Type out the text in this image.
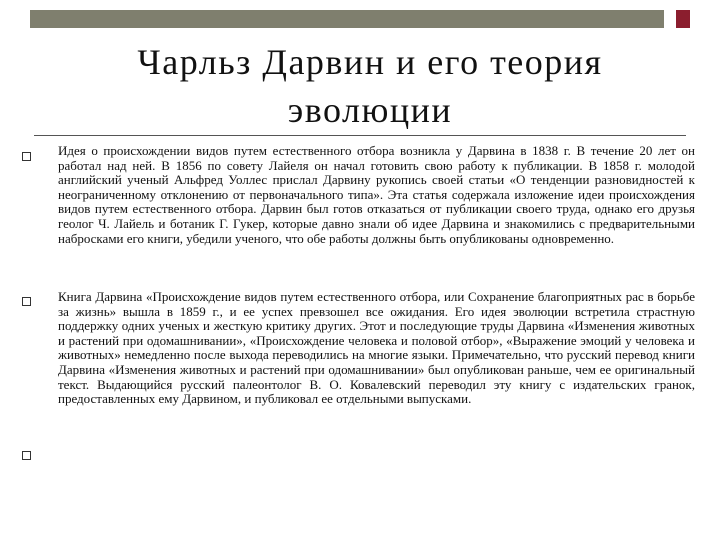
Чарльз Дарвин и его теория эволюции
Идея о происхождении видов путем естественного отбора возникла у Дарвина в 1838 г. В течение 20 лет он работал над ней. В 1856 по совету Лайеля он начал готовить свою работу к публикации. В 1858 г. молодой английский ученый Альфред Уоллес прислал Дарвину рукопись своей статьи «О тенденции разновидностей к неограниченному отклонению от первоначального типа». Эта статья содержала изложение идеи происхождения видов путем естественного отбора. Дарвин был готов отказаться от публикации своего труда, однако его друзья геолог Ч. Лайель и ботаник Г. Гукер, которые давно знали об идее Дарвина и знакомились с предварительными набросками его книги, убедили ученого, что обе работы должны быть опубликованы одновременно.
Книга Дарвина «Происхождение видов путем естественного отбора, или Сохранение благоприятных рас в борьбе за жизнь» вышла в 1859 г., и ее успех превзошел все ожидания. Его идея эволюции встретила страстную поддержку одних ученых и жесткую критику других. Этот и последующие труды Дарвина «Изменения животных и растений при одомашнивании», «Происхождение человека и половой отбор», «Выражение эмоций у человека и животных» немедленно после выхода переводились на многие языки. Примечательно, что русский перевод книги Дарвина «Изменения животных и растений при одомашнивании» был опубликован раньше, чем ее оригинальный текст. Выдающийся русский палеонтолог В. О. Ковалевский переводил эту книгу с издательских гранок, предоставленных ему Дарвином, и публиковал ее отдельными выпусками.
